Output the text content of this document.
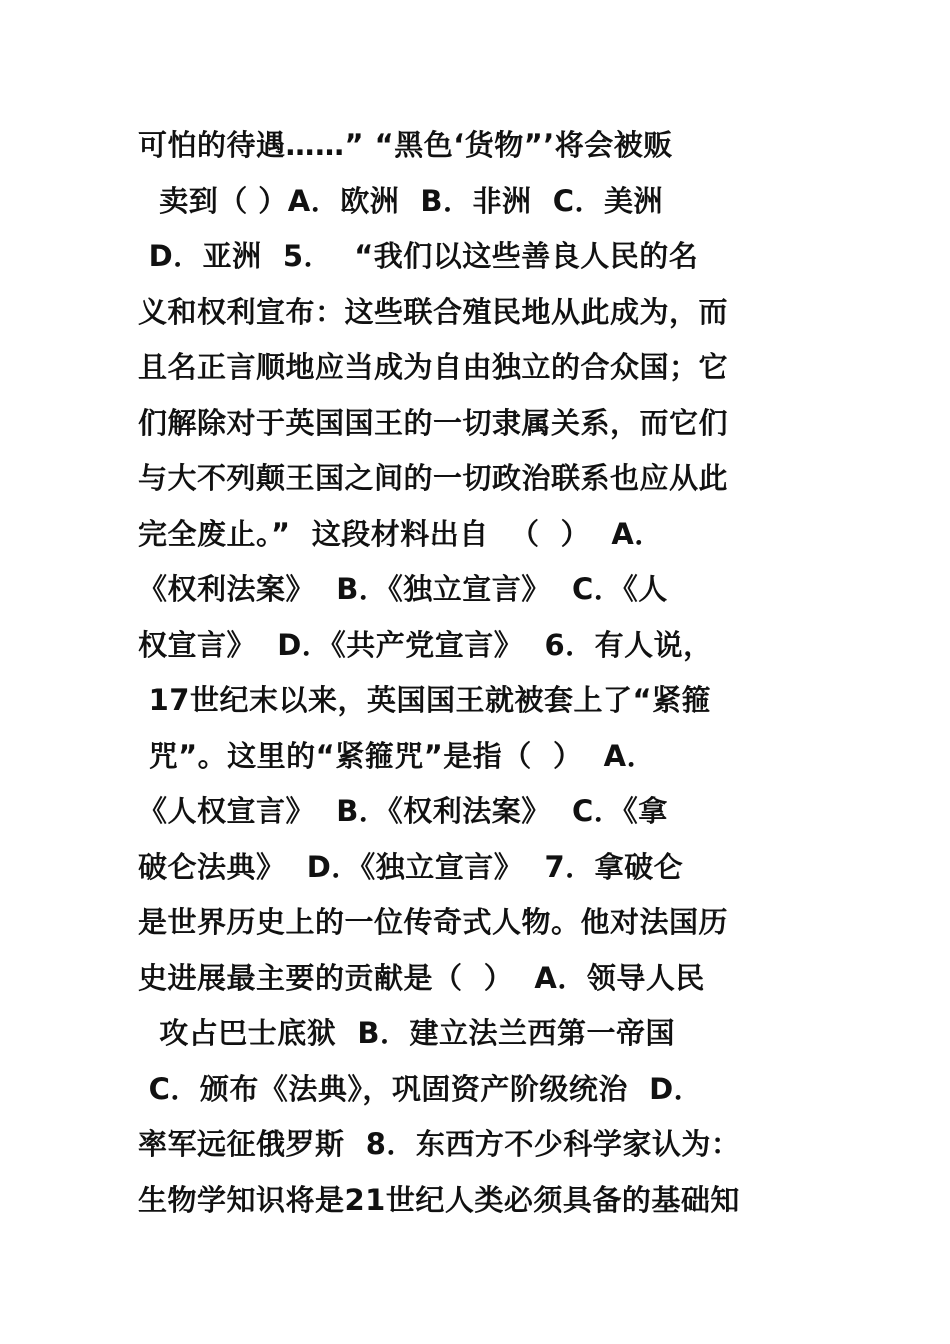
可怕的待遇……” “黑色‘货物”’将会被贩
卖到（ ）A．欧洲  B．非洲  C．美洲
D．亚洲  5．  “我们以这些善良人民的名
义和权利宣布：这些联合殖民地从此成为，而
且名正言顺地应当成为自由独立的合众国；它
们解除对于英国国王的一切隶属关系，而它们
与大不列颠王国之间的一切政治联系也应从此
完全废止。”  这段材料出自  （  ）  A．
《权利法案》  B．《独立宣言》  C．《人
权宣言》  D．《共产党宣言》  6．有人说，
17世纪末以来，英国国王就被套上了“紧箍
咒”。这里的“紧箍咒”是指（  ）  A．
《人权宣言》  B．《权利法案》  C．《拿
破仑法典》  D．《独立宣言》  7．拿破仑
是世界历史上的一位传奇式人物。他对法国历
史进展最主要的贡献是（  ）  A．领导人民
攻占巴士底狱  B．建立法兰西第一帝国
C．颁布《法典》，巩固资产阶级统治  D．
率军远征俄罗斯  8．东西方不少科学家认为：
生物学知识将是21世纪人类必须具备的基础知
